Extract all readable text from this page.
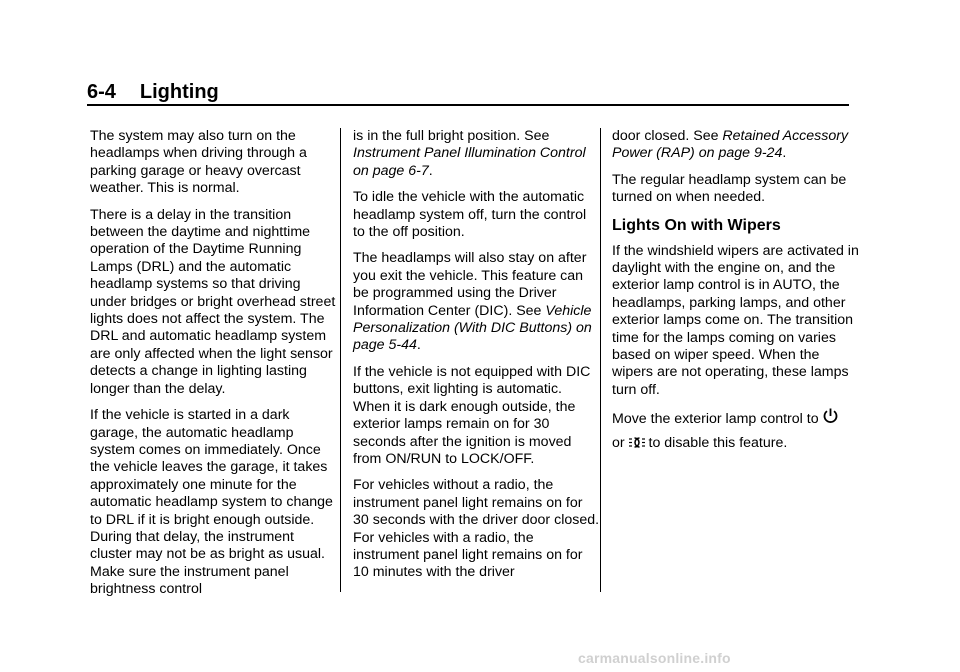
6-4 Lighting

The system may also turn on the headlamps when driving through a parking garage or heavy overcast weather. This is normal.

There is a delay in the transition between the daytime and nighttime operation of the Daytime Running Lamps (DRL) and the automatic headlamp systems so that driving under bridges or bright overhead street lights does not affect the system. The DRL and automatic headlamp system are only affected when the light sensor detects a change in lighting lasting longer than the delay.

If the vehicle is started in a dark garage, the automatic headlamp system comes on immediately. Once the vehicle leaves the garage, it takes approximately one minute for the automatic headlamp system to change to DRL if it is bright enough outside. During that delay, the instrument cluster may not be as bright as usual. Make sure the instrument panel brightness control

is in the full bright position. See Instrument Panel Illumination Control on page 6-7.

To idle the vehicle with the automatic headlamp system off, turn the control to the off position.

The headlamps will also stay on after you exit the vehicle. This feature can be programmed using the Driver Information Center (DIC). See Vehicle Personalization (With DIC Buttons) on page 5-44.

If the vehicle is not equipped with DIC buttons, exit lighting is automatic. When it is dark enough outside, the exterior lamps remain on for 30 seconds after the ignition is moved from ON/RUN to LOCK/OFF.

For vehicles without a radio, the instrument panel light remains on for 30 seconds with the driver door closed. For vehicles with a radio, the instrument panel light remains on for 10 minutes with the driver

door closed. See Retained Accessory Power (RAP) on page 9-24.

The regular headlamp system can be turned on when needed.

Lights On with Wipers

If the windshield wipers are activated in daylight with the engine on, and the exterior lamp control is in AUTO, the headlamps, parking lamps, and other exterior lamps come on. The transition time for the lamps coming on varies based on wiper speed. When the wipers are not operating, these lamps turn off.

Move the exterior lamp control to
or  to disable this feature.

carmanualsonline.info
